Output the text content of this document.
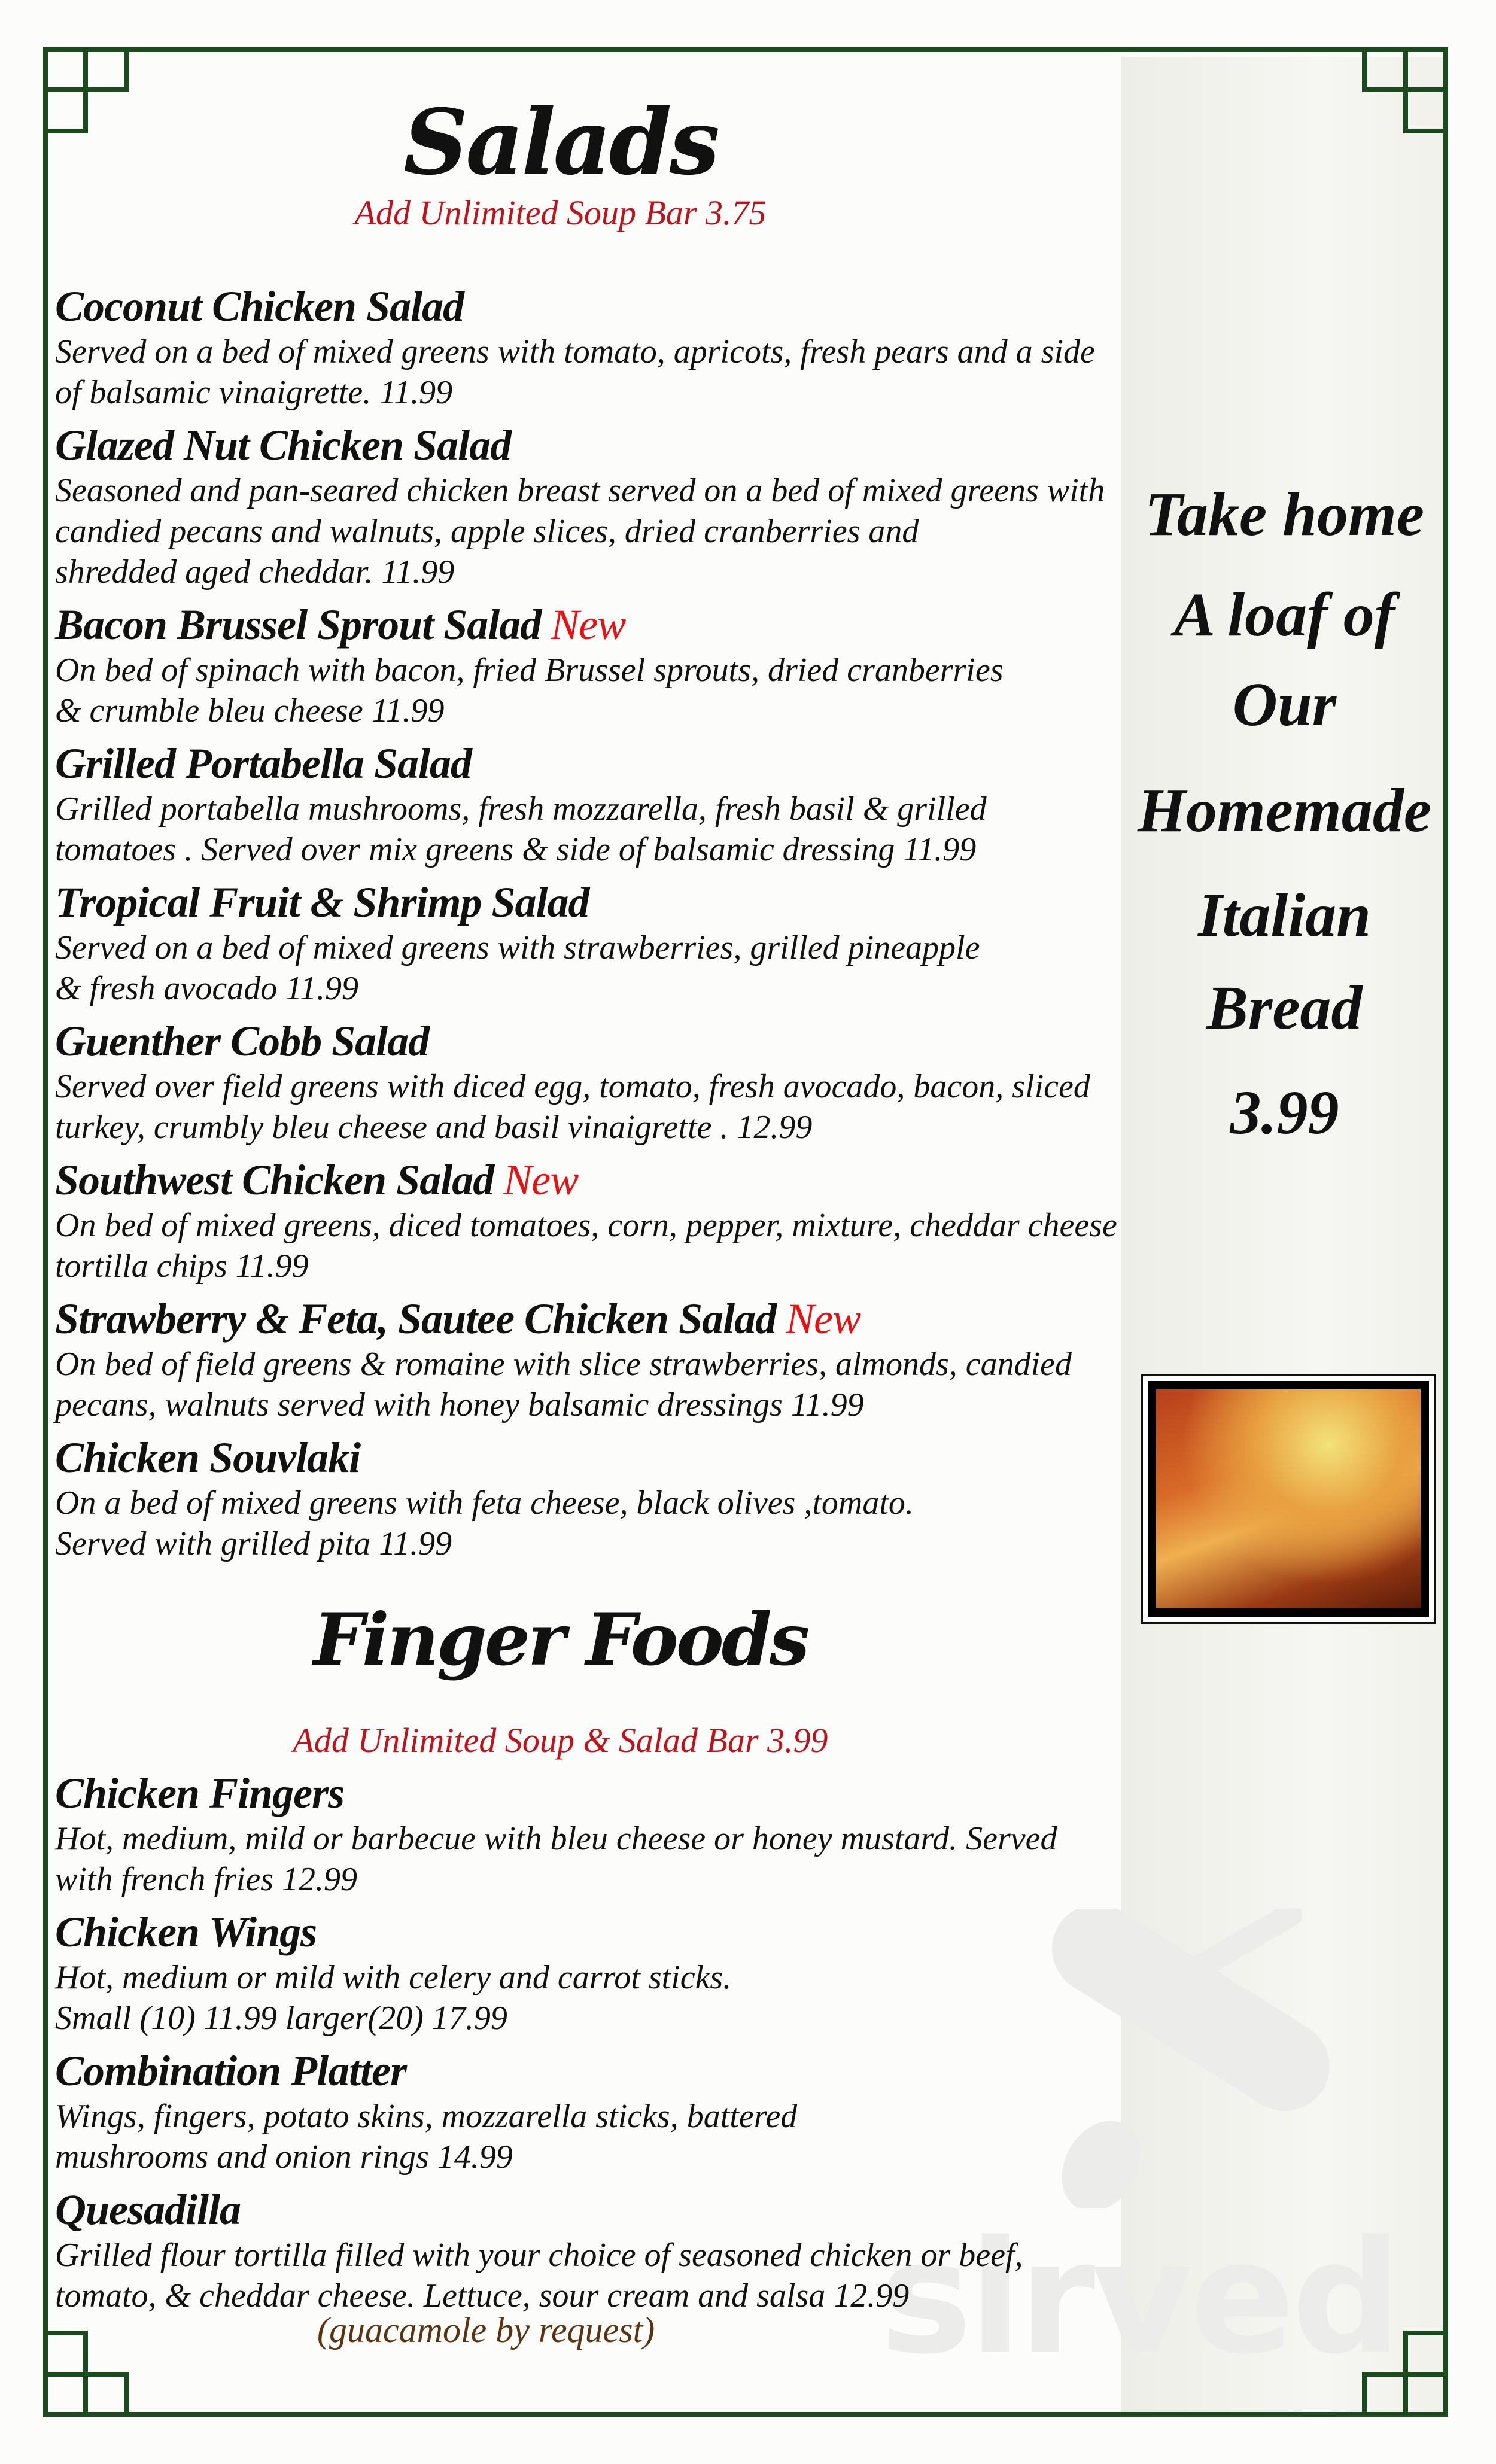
sirved
Salads
Add Unlimited Soup Bar 3.75
Coconut Chicken Salad
Served on a bed of mixed greens with tomato, apricots, fresh pears and a side
of balsamic vinaigrette. 11.99
Glazed Nut Chicken Salad
Seasoned and pan-seared chicken breast served on a bed of mixed greens with
candied pecans and walnuts, apple slices, dried cranberries and
shredded aged cheddar. 11.99
Bacon Brussel Sprout Salad New
On bed of spinach with bacon, fried Brussel sprouts, dried cranberries
& crumble bleu cheese 11.99
Grilled Portabella Salad
Grilled portabella mushrooms, fresh mozzarella, fresh basil & grilled
tomatoes . Served over mix greens & side of balsamic dressing 11.99
Tropical Fruit & Shrimp Salad
Served on a bed of mixed greens with strawberries, grilled pineapple
& fresh avocado 11.99
Guenther Cobb Salad
Served over field greens with diced egg, tomato, fresh avocado, bacon, sliced
turkey, crumbly bleu cheese and basil vinaigrette . 12.99
Southwest Chicken Salad New
On bed of mixed greens, diced tomatoes, corn, pepper, mixture, cheddar cheese
tortilla chips 11.99
Strawberry & Feta, Sautee Chicken Salad New
On bed of field greens & romaine with slice strawberries, almonds, candied
pecans, walnuts served with honey balsamic dressings 11.99
Chicken Souvlaki
On a bed of mixed greens with feta cheese, black olives ,tomato.
Served with grilled pita 11.99
Finger Foods
Add Unlimited Soup & Salad Bar 3.99
Chicken Fingers
Hot, medium, mild or barbecue with bleu cheese or honey mustard. Served
with french fries 12.99
Chicken Wings
Hot, medium or mild with celery and carrot sticks.
Small (10) 11.99 larger(20) 17.99
Combination Platter
Wings, fingers, potato skins, mozzarella sticks, battered
mushrooms and onion rings 14.99
Quesadilla
Grilled flour tortilla filled with your choice of seasoned chicken or beef,
tomato, & cheddar cheese. Lettuce, sour cream and salsa 12.99
(guacamole by request)
Take home
A loaf of
Our
Homemade
Italian
Bread
3.99
